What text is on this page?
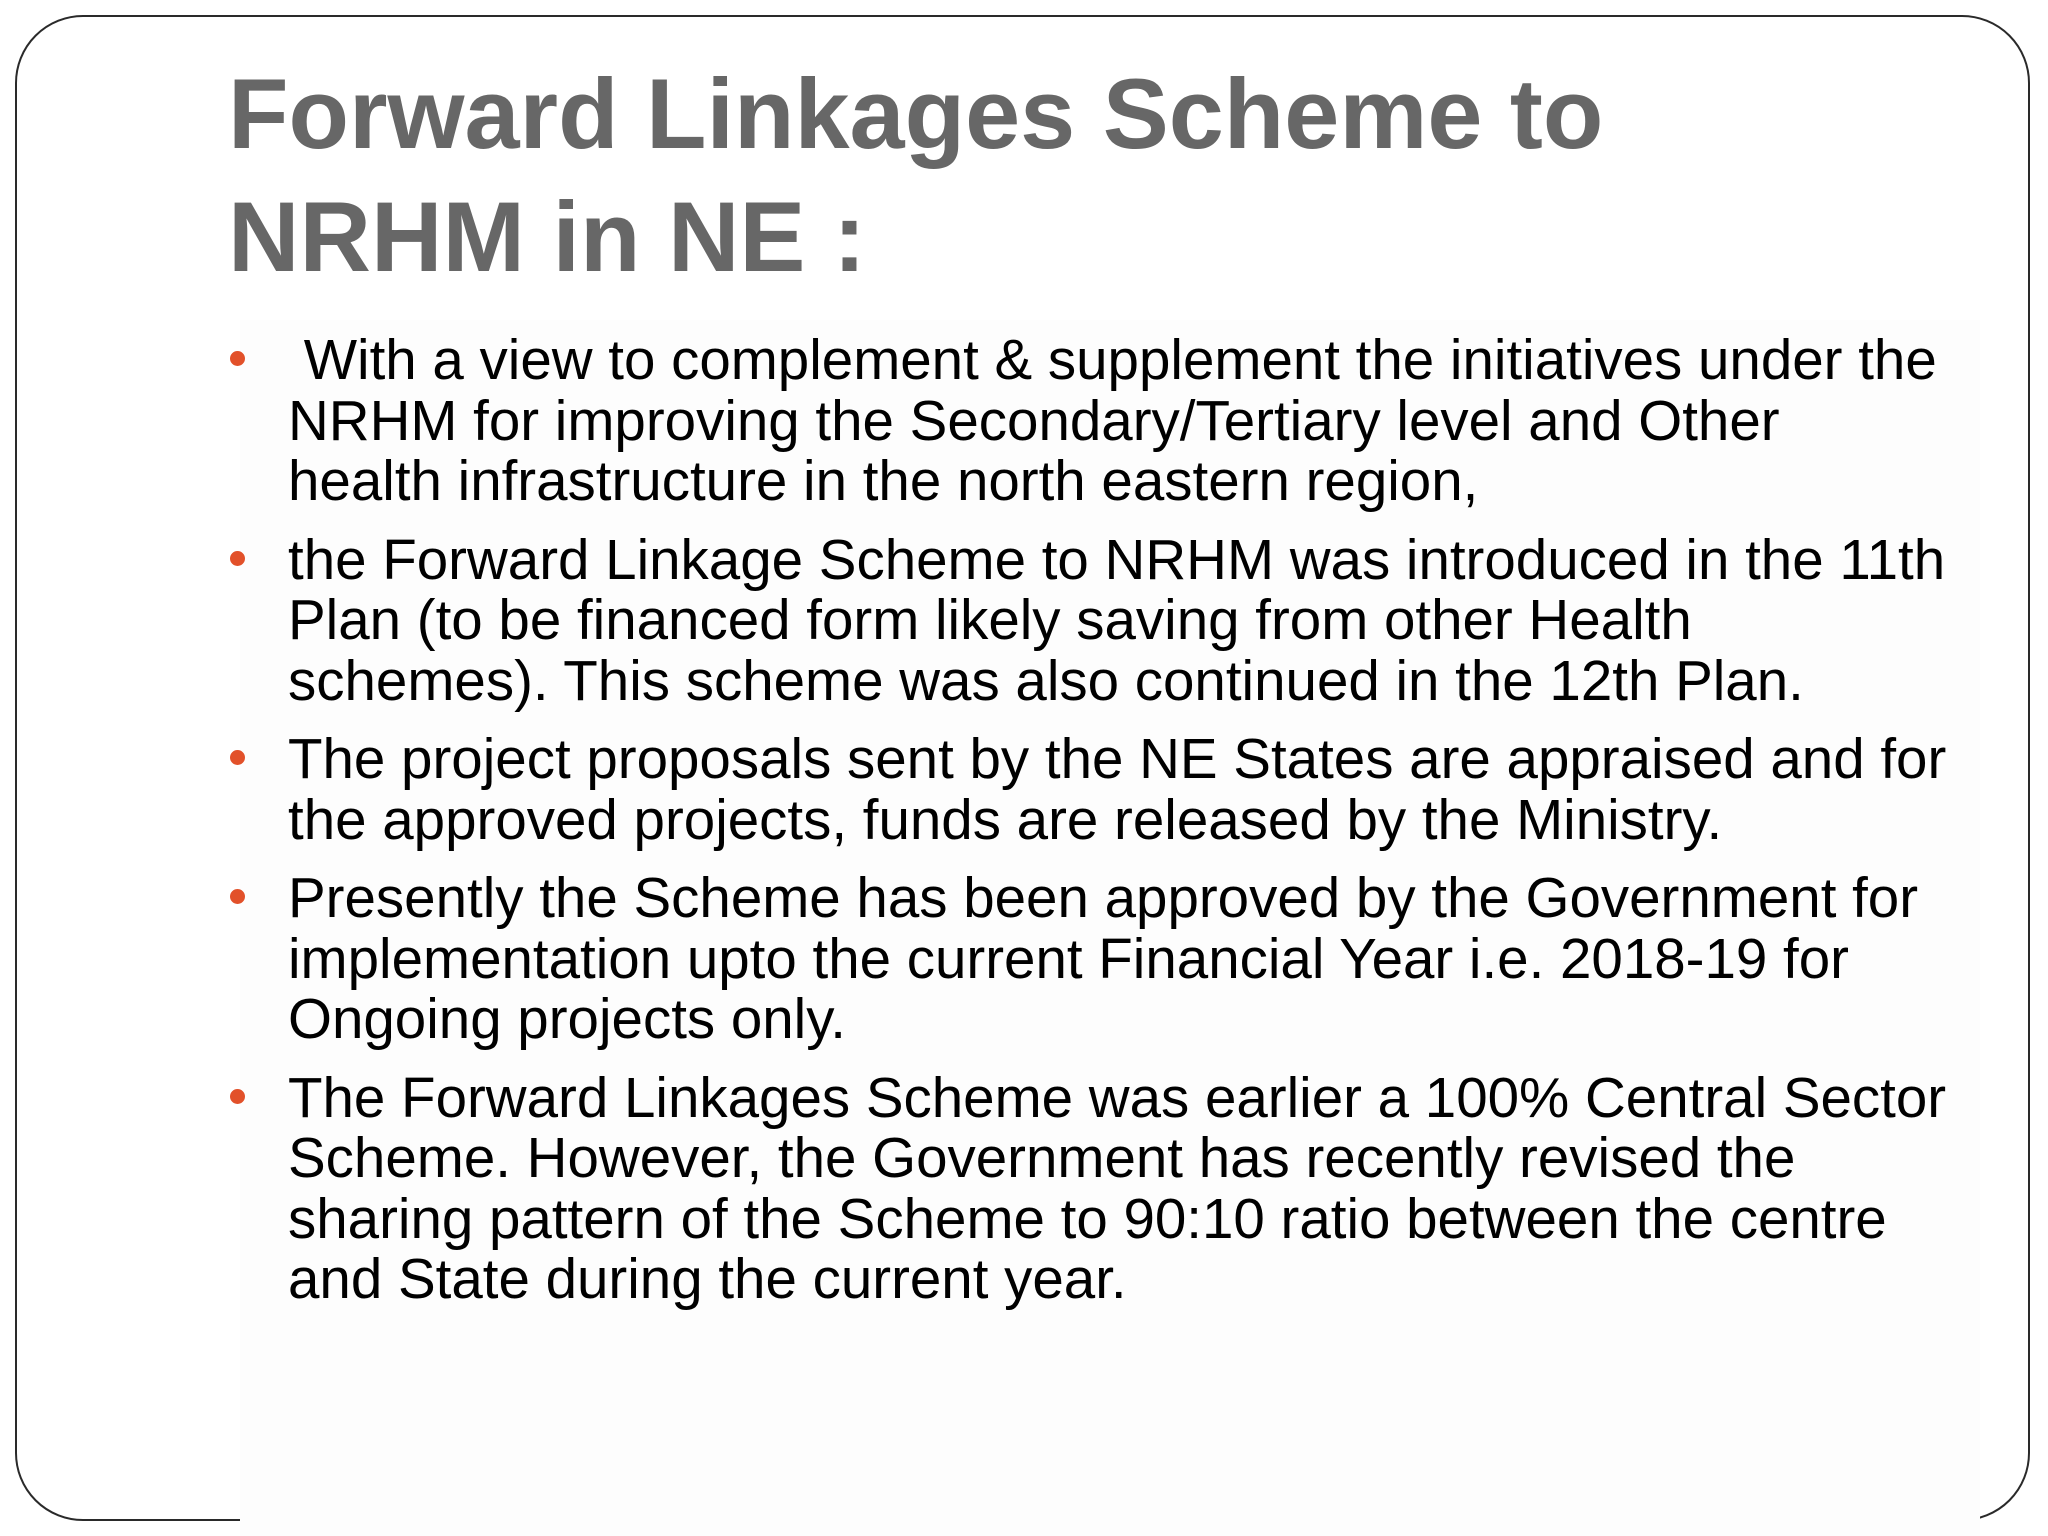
Forward Linkages Scheme to
NRHM in NE :
With a view to complement & supplement the initiatives under the NRHM for improving the Secondary/Tertiary level and Other health infrastructure in the north eastern region,
the Forward Linkage Scheme to NRHM was introduced in the 11th Plan (to be financed form likely saving from other Health schemes). This scheme was also continued in the 12th Plan.
The project proposals sent by the NE States are appraised and for the approved projects, funds are released by the Ministry.
Presently the Scheme has been approved by the Government for implementation upto the current Financial Year i.e. 2018-19 for Ongoing projects only.
The Forward Linkages Scheme was earlier a 100% Central Sector Scheme. However, the Government has recently revised the sharing pattern of the Scheme to 90:10 ratio between the centre and State during the current year.
